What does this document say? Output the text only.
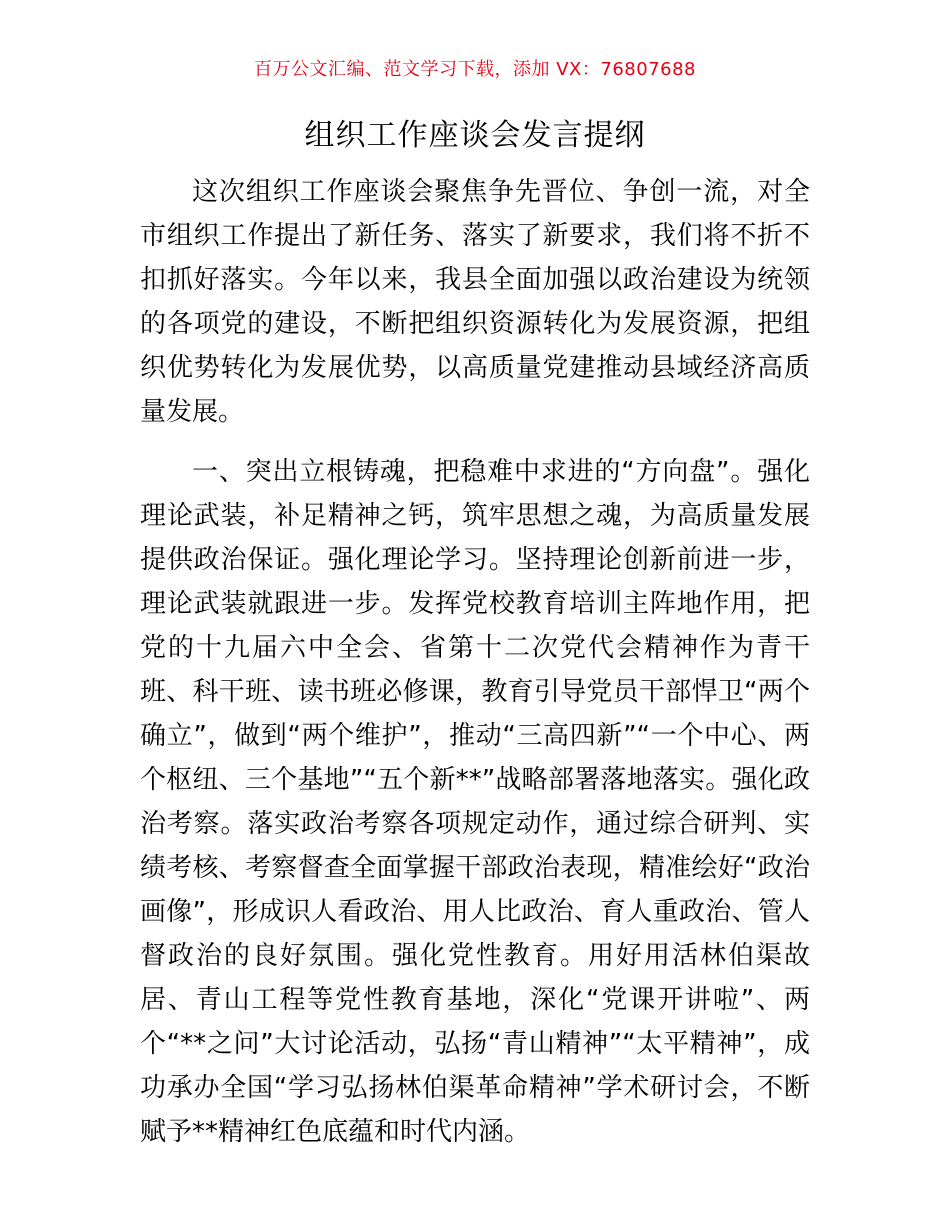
百万公文汇编、范文学习下载，添加 VX：76807688
组织工作座谈会发言提纲

这次组织工作座谈会聚焦争先晋位、争创一流，对全市组织工作提出了新任务、落实了新要求，我们将不折不扣抓好落实。今年以来，我县全面加强以政治建设为统领的各项党的建设，不断把组织资源转化为发展资源，把组织优势转化为发展优势，以高质量党建推动县域经济高质量发展。

一、突出立根铸魂，把稳难中求进的“方向盘”。强化理论武装，补足精神之钙，筑牢思想之魂，为高质量发展提供政治保证。强化理论学习。坚持理论创新前进一步，理论武装就跟进一步。发挥党校教育培训主阵地作用，把党的十九届六中全会、省第十二次党代会精神作为青干班、科干班、读书班必修课，教育引导党员干部悍卫“两个确立”，做到“两个维护”，推动“三高四新”“一个中心、两个枢纽、三个基地”“五个新**”战略部署落地落实。强化政治考察。落实政治考察各项规定动作，通过综合研判、实绩考核、考察督查全面掌握干部政治表现，精准绘好“政治画像”，形成识人看政治、用人比政治、育人重政治、管人督政治的良好氛围。强化党性教育。用好用活林伯渠故居、青山工程等党性教育基地，深化“党课开讲啦”、两个“**之问”大讨论活动，弘扬“青山精神”“太平精神”，成功承办全国“学习弘扬林伯渠革命精神”学术研讨会，不断赋予**精神红色底蕴和时代内涵。
